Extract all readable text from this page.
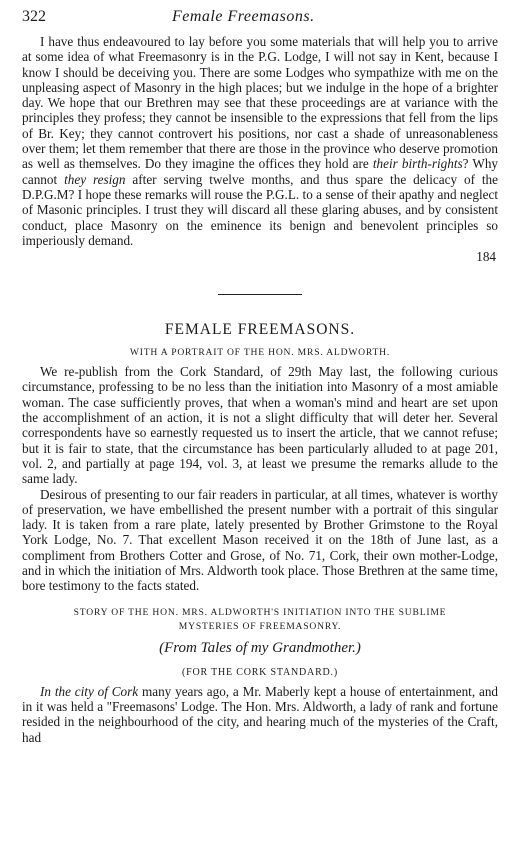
322	Female Freemasons.

I have thus endeavoured to lay before you some materials that will help you to arrive at some idea of what Freemasonry is in the P.G. Lodge, I will not say in Kent, because I know I should be deceiving you. There are some Lodges who sympathize with me on the unpleasing aspect of Masonry in the high places; but we indulge in the hope of a brighter day. We hope that our Brethren may see that these proceedings are at variance with the principles they profess; they cannot be insensible to the expressions that fell from the lips of Br. Key; they cannot controvert his positions, nor cast a shade of unreasonableness over them; let them remember that there are those in the province who deserve promotion as well as themselves. Do they imagine the offices they hold are their birth-rights? Why cannot they resign after serving twelve months, and thus spare the delicacy of the D.P.G.M? I hope these remarks will rouse the P.G.L. to a sense of their apathy and neglect of Masonic principles. I trust they will discard all these glaring abuses, and by consistent conduct, place Masonry on the eminence its benign and benevolent principles so imperiously demand.

184
FEMALE FREEMASONS.
WITH A PORTRAIT OF THE HON. MRS. ALDWORTH.

We re-publish from the Cork Standard, of 29th May last, the following curious circumstance, professing to be no less than the initiation into Masonry of a most amiable woman. The case sufficiently proves, that when a woman's mind and heart are set upon the accomplishment of an action, it is not a slight difficulty that will deter her. Several correspondents have so earnestly requested us to insert the article, that we cannot refuse; but it is fair to state, that the circumstance has been particularly alluded to at page 201, vol. 2, and partially at page 194, vol. 3, at least we presume the remarks allude to the same lady.

Desirous of presenting to our fair readers in particular, at all times, whatever is worthy of preservation, we have embellished the present number with a portrait of this singular lady. It is taken from a rare plate, lately presented by Brother Grimstone to the Royal York Lodge, No. 7. That excellent Mason received it on the 18th of June last, as a compliment from Brothers Cotter and Grose, of No. 71, Cork, their own mother-Lodge, and in which the initiation of Mrs. Aldworth took place. Those Brethren at the same time, bore testimony to the facts stated.

STORY OF THE HON. MRS. ALDWORTH'S INITIATION INTO THE SUBLIME
MYSTERIES OF FREEMASONRY.
(From Tales of my Grandmother.)
(FOR THE CORK STANDARD.)

In the city of Cork many years ago, a Mr. Maberly kept a house of entertainment, and in it was held a "Freemasons' Lodge. The Hon. Mrs. Aldworth, a lady of rank and fortune resided in the neighbourhood of the city, and hearing much of the mysteries of the Craft, had
